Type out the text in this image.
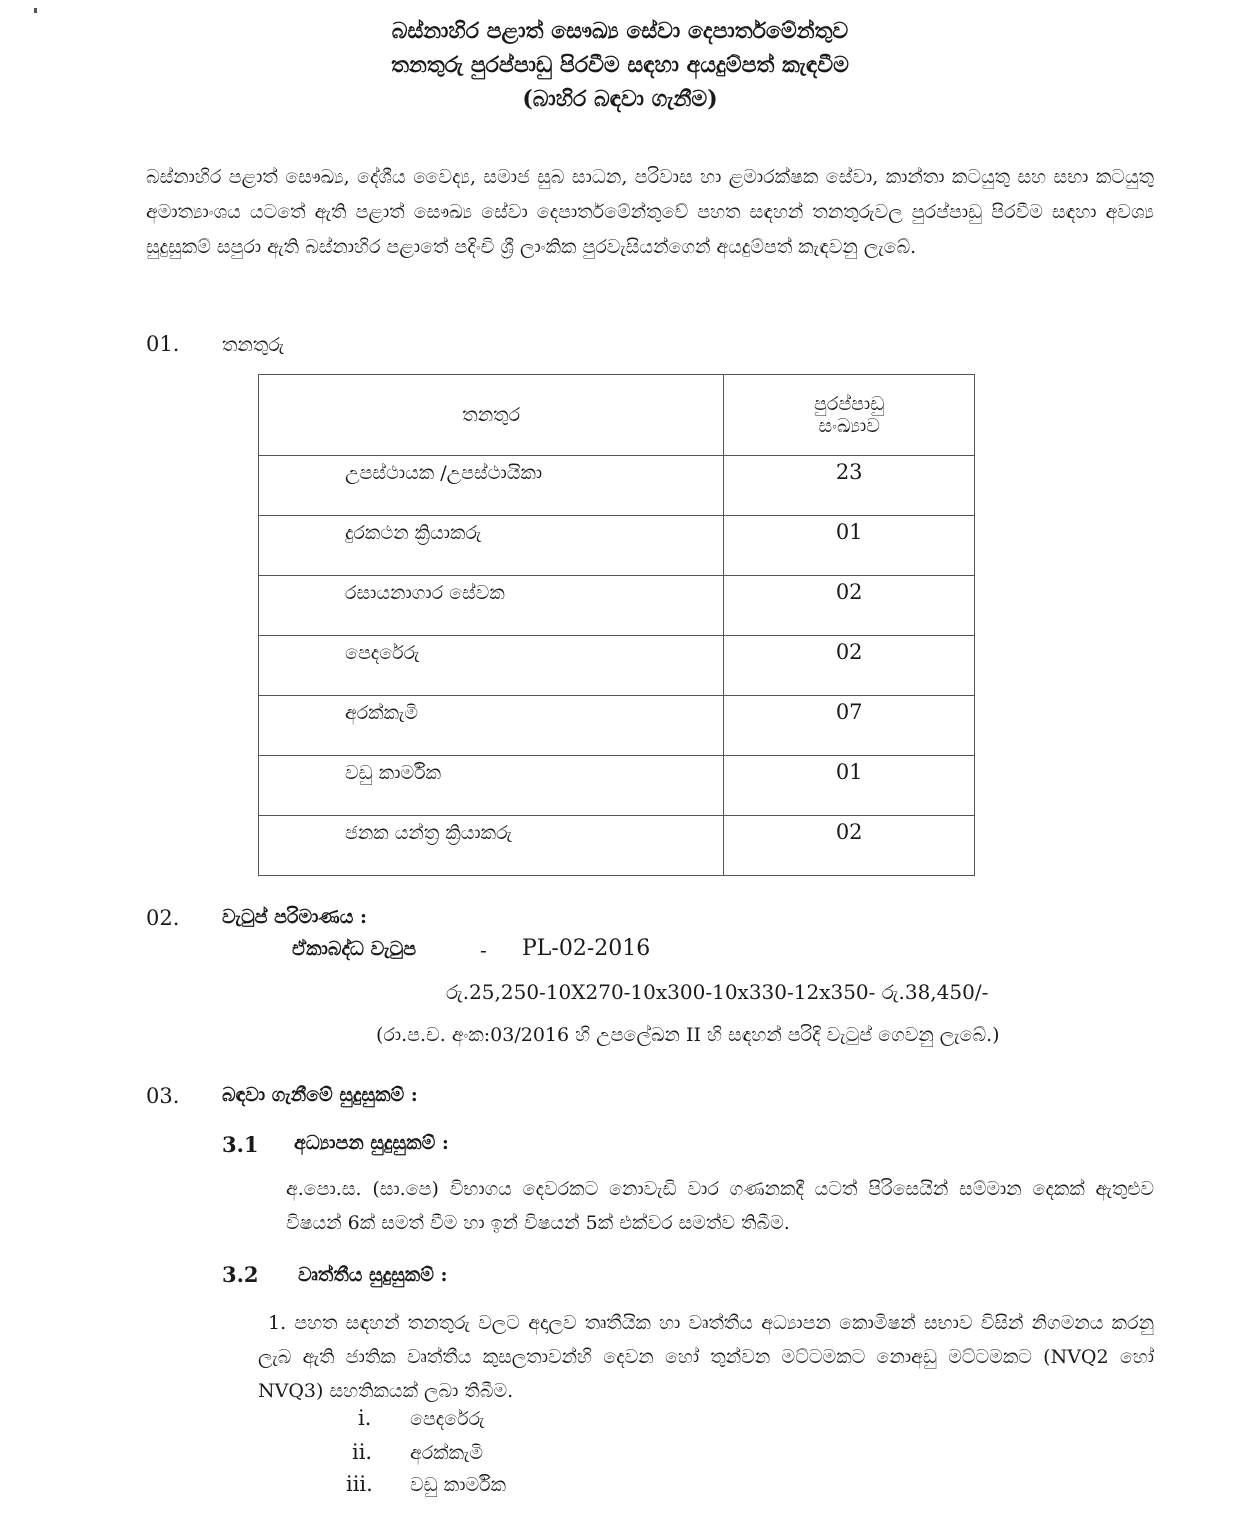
බස්නාහිර පළාත් සෞඛ්‍ය සේවා දෙපාර්තමේන්තුව
තනතුරු පුරප්පාඩු පිරවීම සඳහා අයදුම්පත් කැඳවීම
(බාහිර බඳවා ගැනීම)
බස්නාහිර පළාත් සෞඛ්‍ය, දේශීය වෛද්‍ය, සමාජ සුබ සාධන, පරිවාස හා ළමාරක්ෂක සේවා, කාන්තා කටයුතු සහ සභා කටයුතු අමාත්‍යාංශය යටතේ ඇති පළාත් සෞඛ්‍ය සේවා දෙපාර්තමේන්තුවේ පහත සඳහන් තනතුරුවල පුරප්පාඩු පිරවීම සඳහා අවශ්‍ය සුදුසුකම් සපුරා ඇති බස්නාහිර පළාතේ පදිංචි ශ්‍රී ලාංකික පුරවැසියන්ගෙන් අයදුම්පත් කැඳවනු ලැබේ.
01. තනතුරු
තනතුර	පුරප්පාඩු
සංඛ්‍යාව

උපස්ථායක /උපස්ථායිකා	23
දුරකථන ක්‍රියාකරු	01
රසායනාගාර සේවක	02
පෙදරේරු	02
අරක්කැමි	07
වඩු කාර්මික	01
ජනක යන්ත්‍ර ක්‍රියාකරු	02
02. වැටුප් පරිමාණය :
ඒකාබද්ධ වැටුප	- PL-02-2016
රු.25,250-10X270-10x300-10x330-12x350- රු.38,450/-
(රා.ප.ච. අංක:03/2016 හි උපලේඛන II හි සඳහන් පරිදි වැටුප් ගෙවනු ලැබේ.)
03. බඳවා ගැනීමේ සුදුසුකම් :
3.1 අධ්‍යාපන සුදුසුකම් :
අ.පො.ස. (සා.පෙ) විභාගය දෙවරකට නොවැඩි වාර ගණනකදී යටත් පිරිසෙයින් සම්මාන දෙකක් ඇතුළුව විෂයන් 6ක් සමත් වීම හා ඉන් විෂයන් 5ක් එක්වර සමත්ව තිබීම.
3.2 වෘත්තීය සුදුසුකම් :
1. පහත සඳහන් තනතුරු වලට අදාලව තෘතීයික හා වෘත්තීය අධ්‍යාපන කොමිෂන් සභාව විසින් නිගමනය කරනු ලැබ ඇති ජාතික වෘත්තීය කුසලතාවන්හි දෙවන හෝ තුන්වන මට්ටමකට නොඅඩු මට්ටමකට (NVQ2 හෝ NVQ3) සහතිකයක් ලබා තිබීම.
i. පෙදරේරු
ii. අරක්කැමි
iii. වඩු කාර්මික
